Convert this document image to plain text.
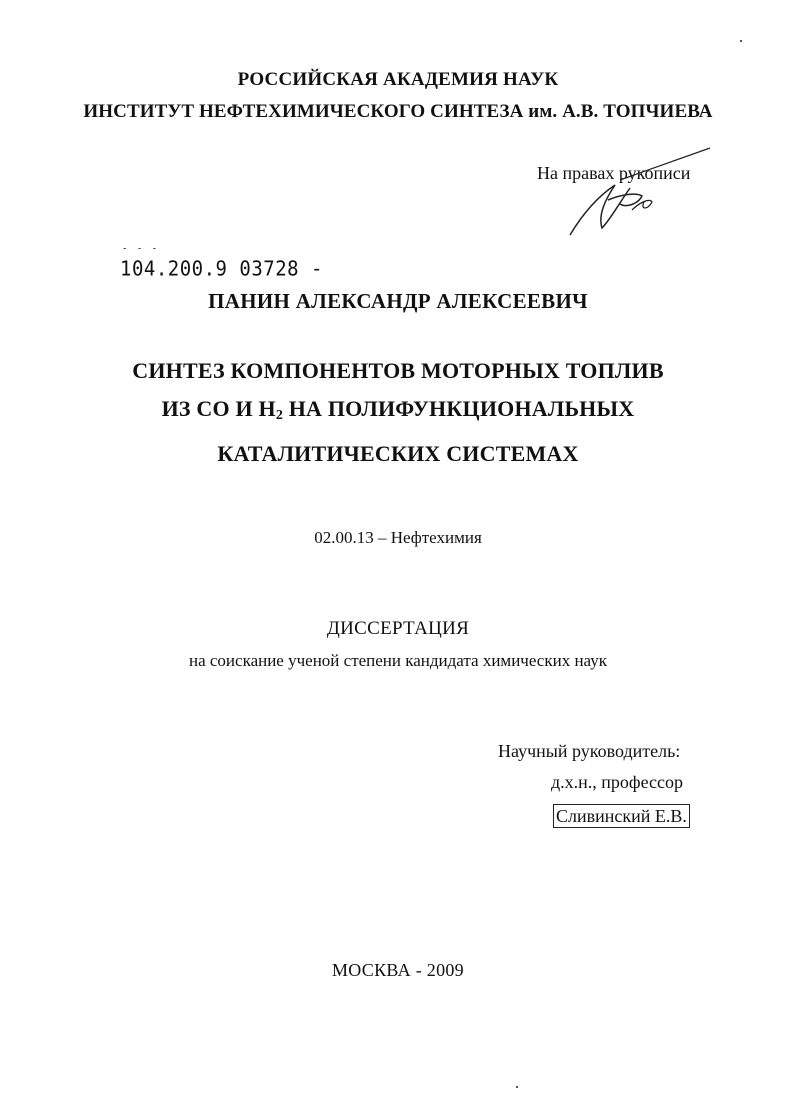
РОССИЙСКАЯ АКАДЕМИЯ НАУК
ИНСТИТУТ НЕФТЕХИМИЧЕСКОГО СИНТЕЗА им. А.В. ТОПЧИЕВА
На правах рукописи
- - -
104.200.9 03728 -
ПАНИН АЛЕКСАНДР АЛЕКСЕЕВИЧ
СИНТЕЗ КОМПОНЕНТОВ МОТОРНЫХ ТОПЛИВ
ИЗ CO И $H_2$ НА ПОЛИФУНКЦИОНАЛЬНЫХ
КАТАЛИТИЧЕСКИХ СИСТЕМАХ
02.00.13 – Нефтехимия
ДИССЕРТАЦИЯ
на соискание ученой степени кандидата химических наук
Научный руководитель:
д.х.н., профессор
Сливинский Е.В.
МОСКВА - 2009
